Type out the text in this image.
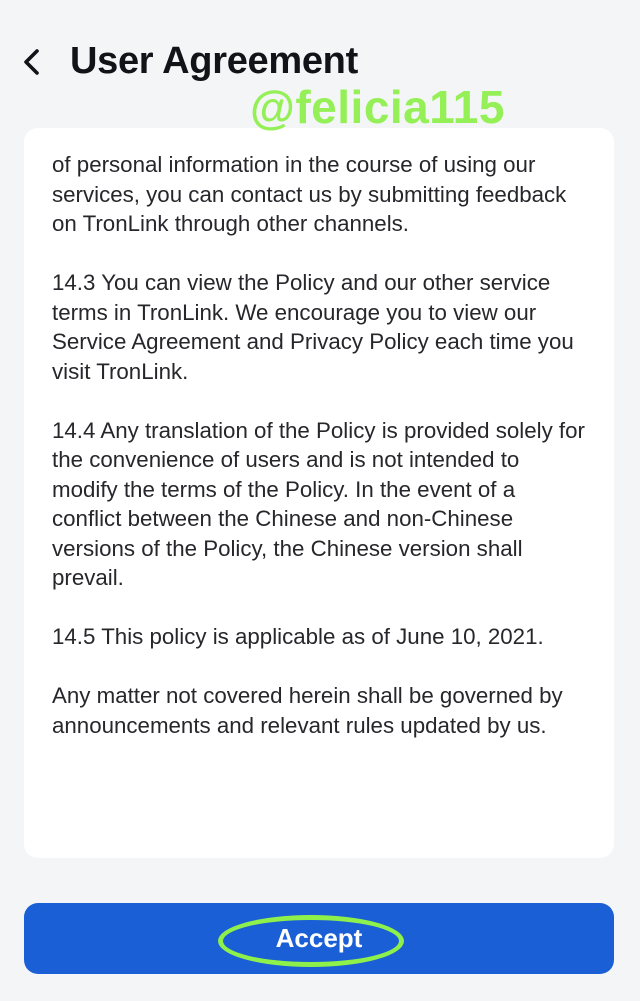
User Agreement
@felicia115

of personal information in the course of using our services, you can contact us by submitting feedback on TronLink through other channels.

14.3 You can view the Policy and our other service terms in TronLink. We encourage you to view our Service Agreement and Privacy Policy each time you visit TronLink.

14.4 Any translation of the Policy is provided solely for the convenience of users and is not intended to modify the terms of the Policy. In the event of a conflict between the Chinese and non-Chinese versions of the Policy, the Chinese version shall prevail.

14.5 This policy is applicable as of June 10, 2021.

Any matter not covered herein shall be governed by announcements and relevant rules updated by us.

Accept
